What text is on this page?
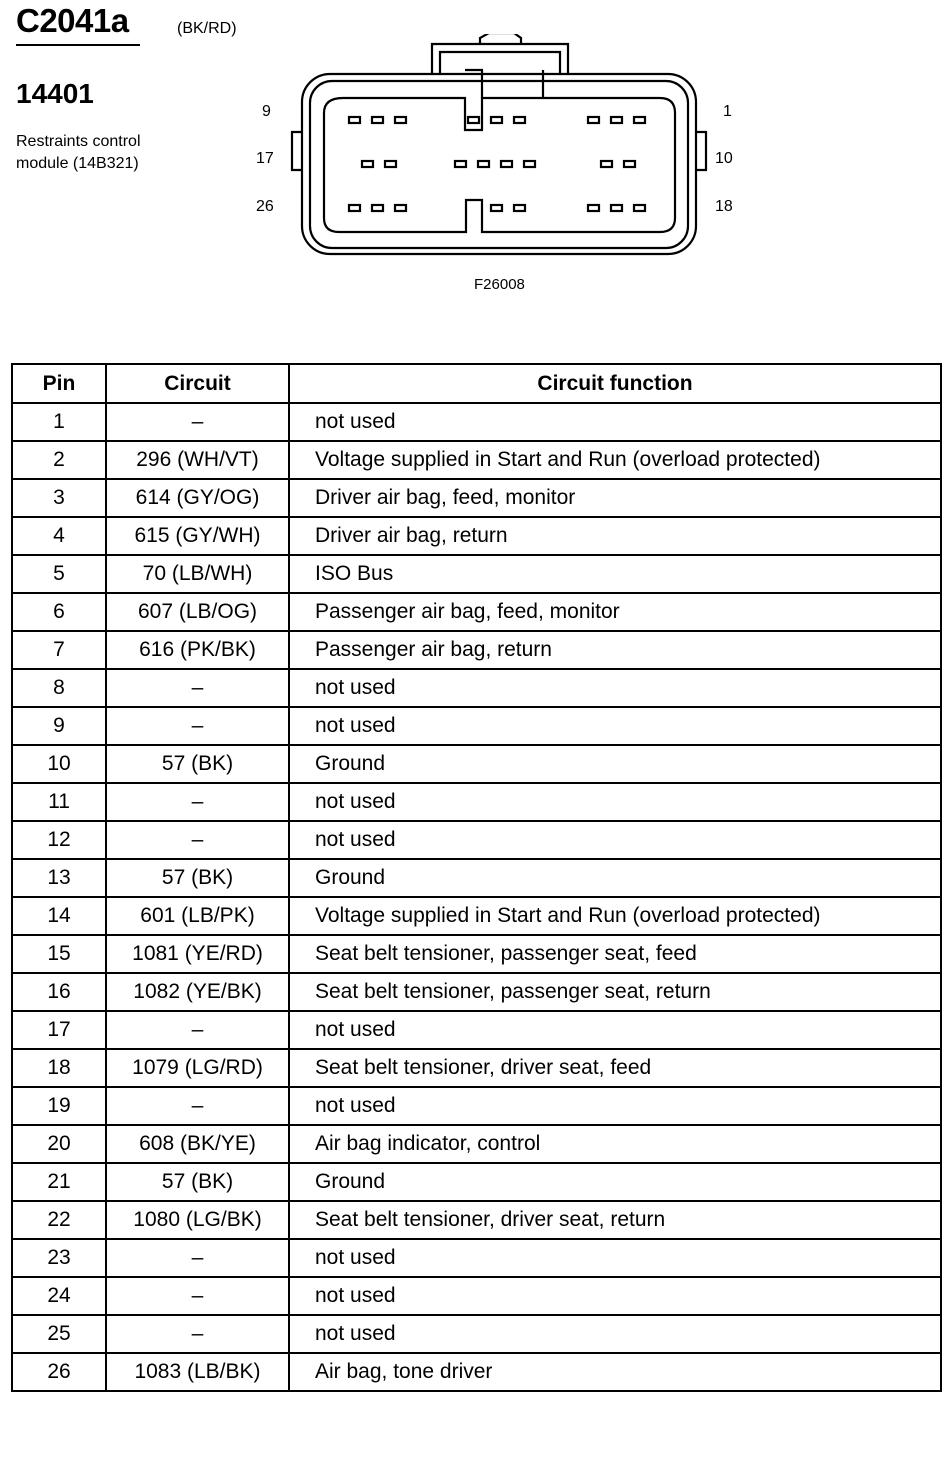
C2041a	(BK/RD)
14401
Restraints control
module (14B321)
9
17
26
1
10
18
F26008
Pin	Circuit	Circuit function
1	–	not used
2	296 (WH/VT)	Voltage supplied in Start and Run (overload protected)
3	614 (GY/OG)	Driver air bag, feed, monitor
4	615 (GY/WH)	Driver air bag, return
5	70 (LB/WH)	ISO Bus
6	607 (LB/OG)	Passenger air bag, feed, monitor
7	616 (PK/BK)	Passenger air bag, return
8	–	not used
9	–	not used
10	57 (BK)	Ground
11	–	not used
12	–	not used
13	57 (BK)	Ground
14	601 (LB/PK)	Voltage supplied in Start and Run (overload protected)
15	1081 (YE/RD)	Seat belt tensioner, passenger seat, feed
16	1082 (YE/BK)	Seat belt tensioner, passenger seat, return
17	–	not used
18	1079 (LG/RD)	Seat belt tensioner, driver seat, feed
19	–	not used
20	608 (BK/YE)	Air bag indicator, control
21	57 (BK)	Ground
22	1080 (LG/BK)	Seat belt tensioner, driver seat, return
23	–	not used
24	–	not used
25	–	not used
26	1083 (LB/BK)	Air bag, tone driver
